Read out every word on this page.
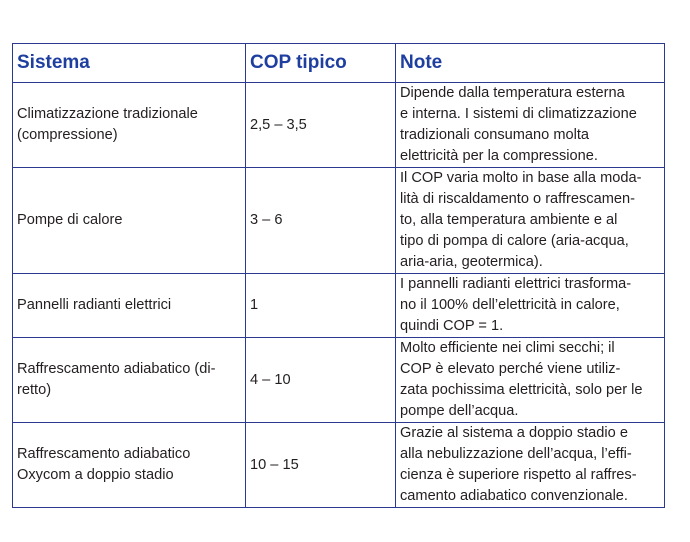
Sistema	COP tipico	Note
Climatizzazione tradizionale
(compressione)	2,5 – 3,5	Dipende dalla temperatura esterna
e interna. I sistemi di climatizzazione
tradizionali consumano molta
elettricità per la compressione.
Pompe di calore	3 – 6	Il COP varia molto in base alla moda-
lità di riscaldamento o raffrescamen-
to, alla temperatura ambiente e al
tipo di pompa di calore (aria-acqua,
aria-aria, geotermica).
Pannelli radianti elettrici	1	I pannelli radianti elettrici trasforma-
no il 100% dell’elettricità in calore,
quindi COP = 1.
Raffrescamento adiabatico (di-
retto)	4 – 10	Molto efficiente nei climi secchi; il
COP è elevato perché viene utiliz-
zata pochissima elettricità, solo per le
pompe dell’acqua.
Raffrescamento adiabatico
Oxycom a doppio stadio	10 – 15	Grazie al sistema a doppio stadio e
alla nebulizzazione dell’acqua, l’effi-
cienza è superiore rispetto al raffres-
camento adiabatico convenzionale.
